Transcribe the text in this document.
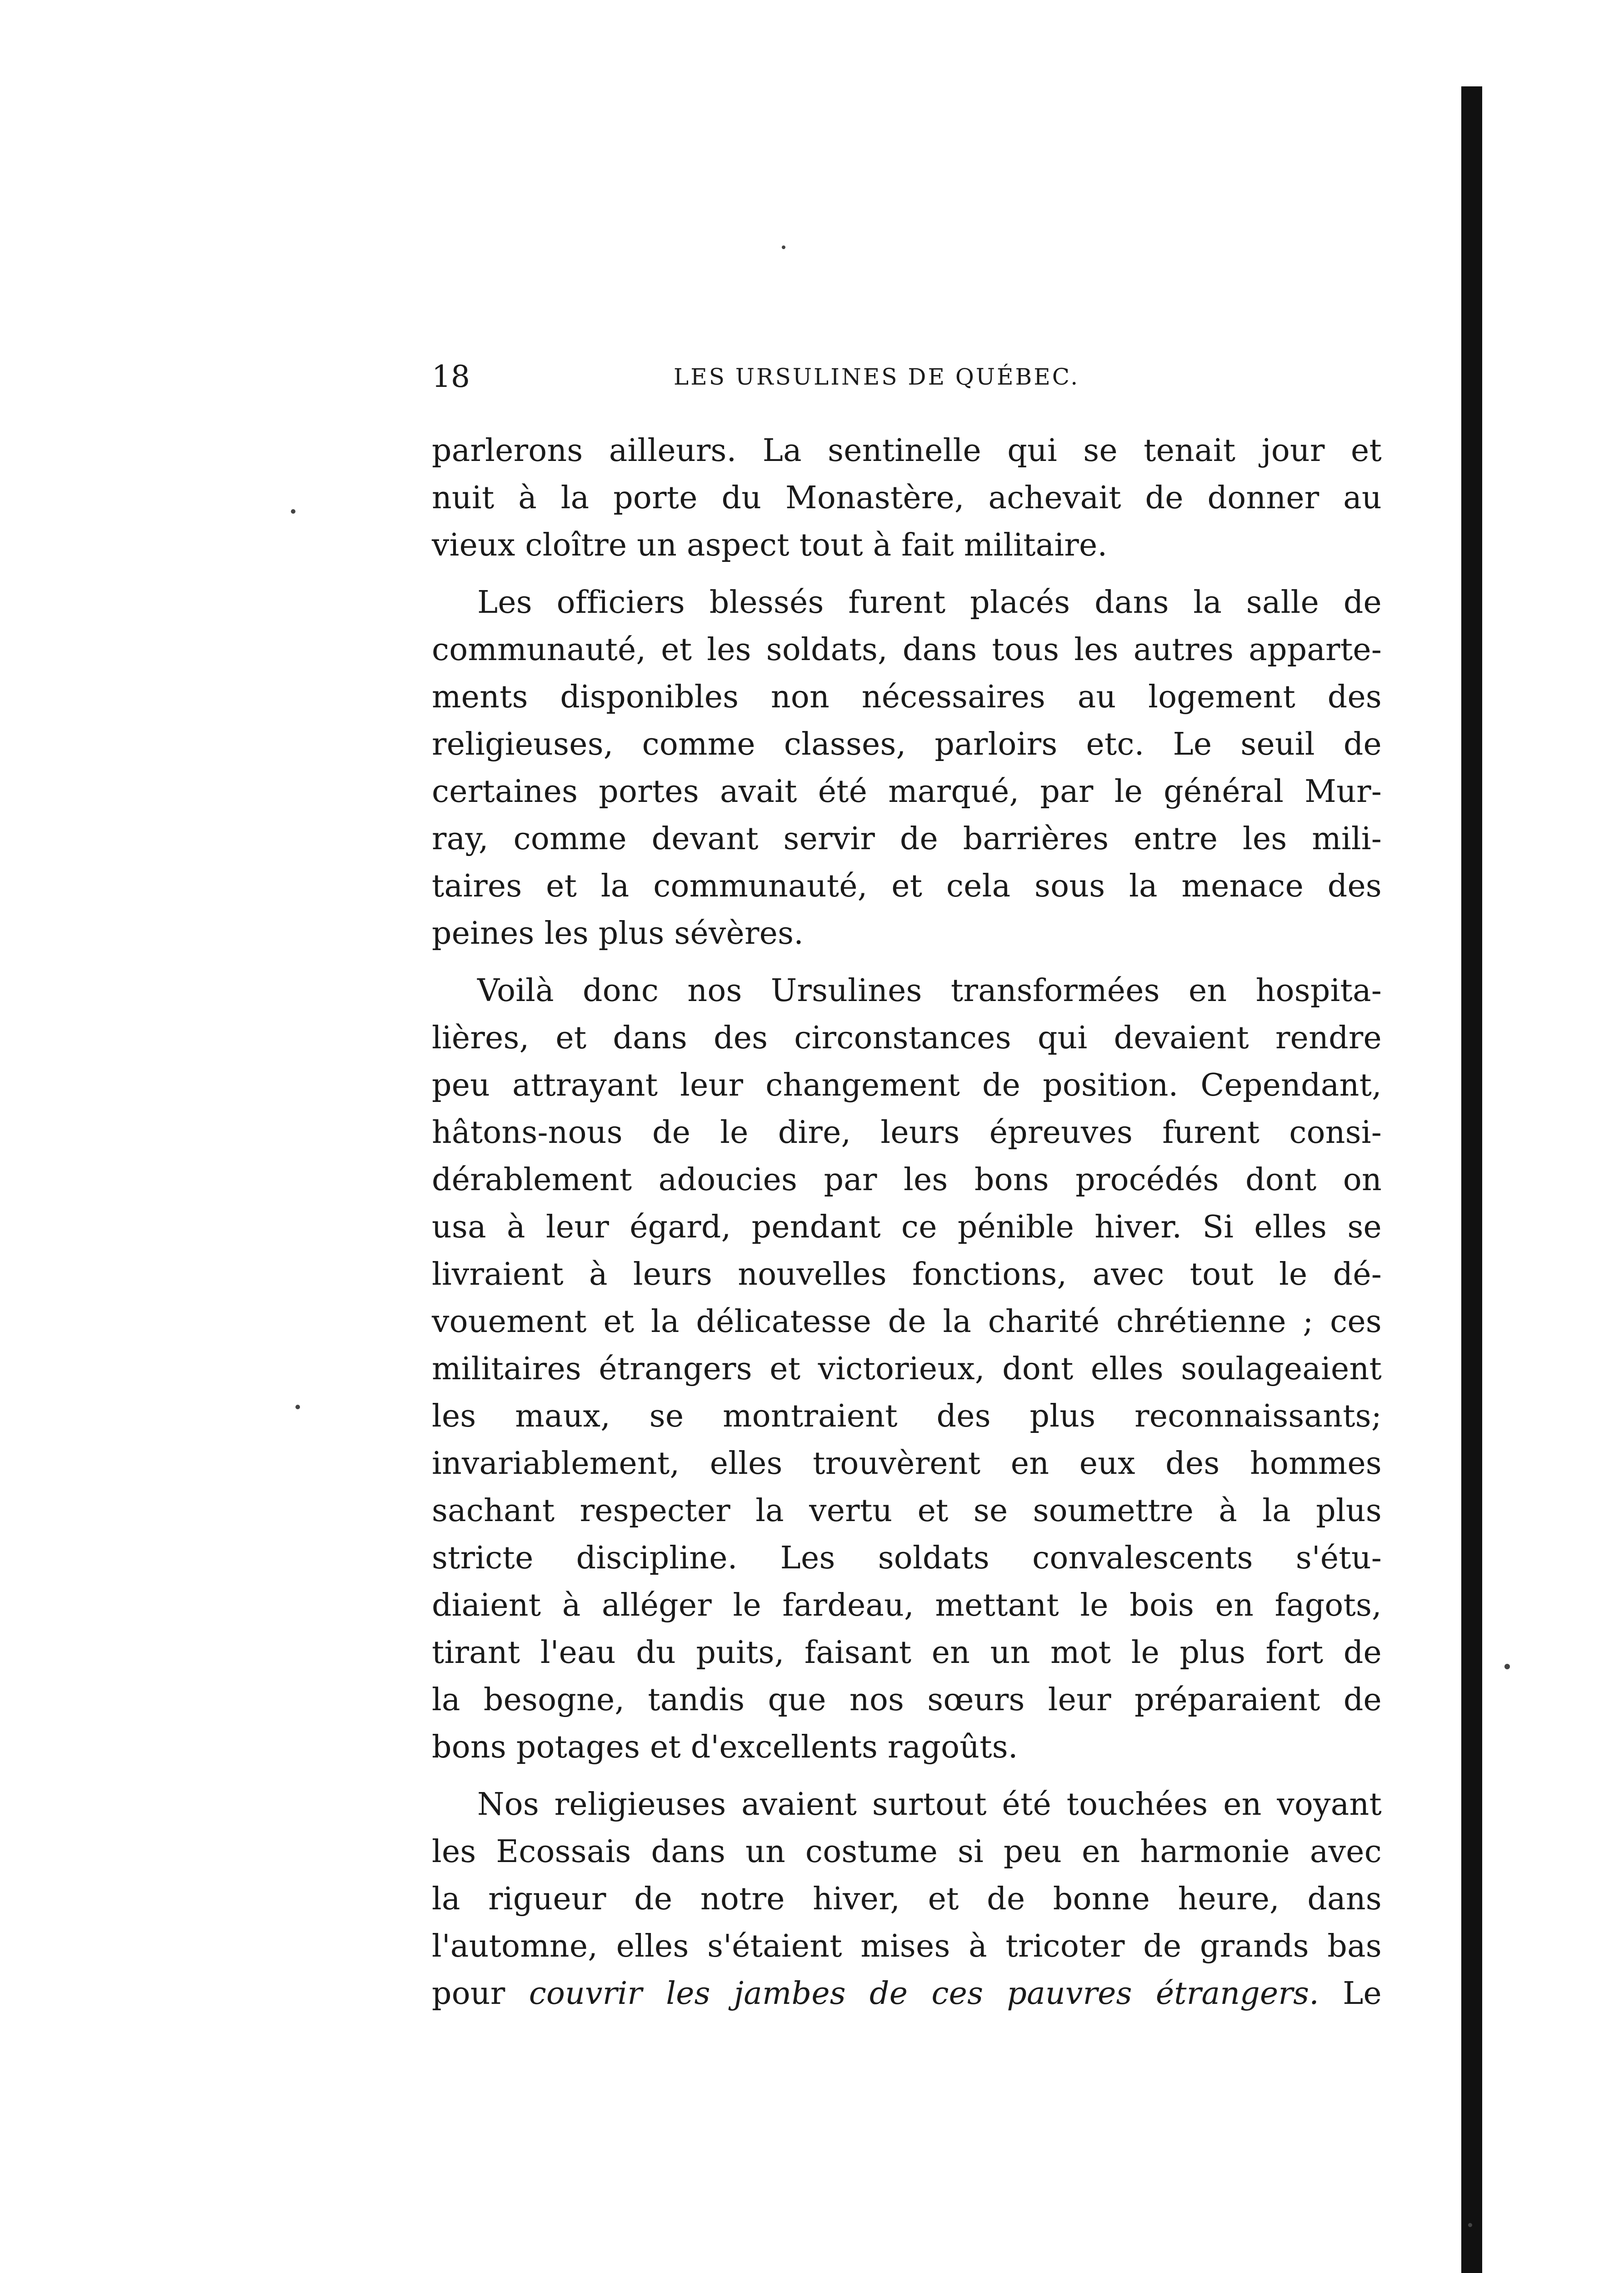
18	LES URSULINES DE QUÉBEC.
parlerons ailleurs. La sentinelle qui se tenait jour et
nuit à la porte du Monastère, achevait de donner au
vieux cloître un aspect tout à fait militaire.
Les officiers blessés furent placés dans la salle de
communauté, et les soldats, dans tous les autres apparte-
ments disponibles non nécessaires au logement des
religieuses, comme classes, parloirs etc. Le seuil de
certaines portes avait été marqué, par le général Mur-
ray, comme devant servir de barrières entre les mili-
taires et la communauté, et cela sous la menace des
peines les plus sévères.
Voilà donc nos Ursulines transformées en hospita-
lières, et dans des circonstances qui devaient rendre
peu attrayant leur changement de position. Cependant,
hâtons-nous de le dire, leurs épreuves furent consi-
dérablement adoucies par les bons procédés dont on
usa à leur égard, pendant ce pénible hiver. Si elles se
livraient à leurs nouvelles fonctions, avec tout le dé-
vouement et la délicatesse de la charité chrétienne ; ces
militaires étrangers et victorieux, dont elles soulageaient
les maux, se montraient des plus reconnaissants;
invariablement, elles trouvèrent en eux des hommes
sachant respecter la vertu et se soumettre à la plus
stricte discipline. Les soldats convalescents s'étu-
diaient à alléger le fardeau, mettant le bois en fagots,
tirant l'eau du puits, faisant en un mot le plus fort de
la besogne, tandis que nos sœurs leur préparaient de
bons potages et d'excellents ragoûts.
Nos religieuses avaient surtout été touchées en voyant
les Ecossais dans un costume si peu en harmonie avec
la rigueur de notre hiver, et de bonne heure, dans
l'automne, elles s'étaient mises à tricoter de grands bas
pour couvrir les jambes de ces pauvres étrangers. Le
